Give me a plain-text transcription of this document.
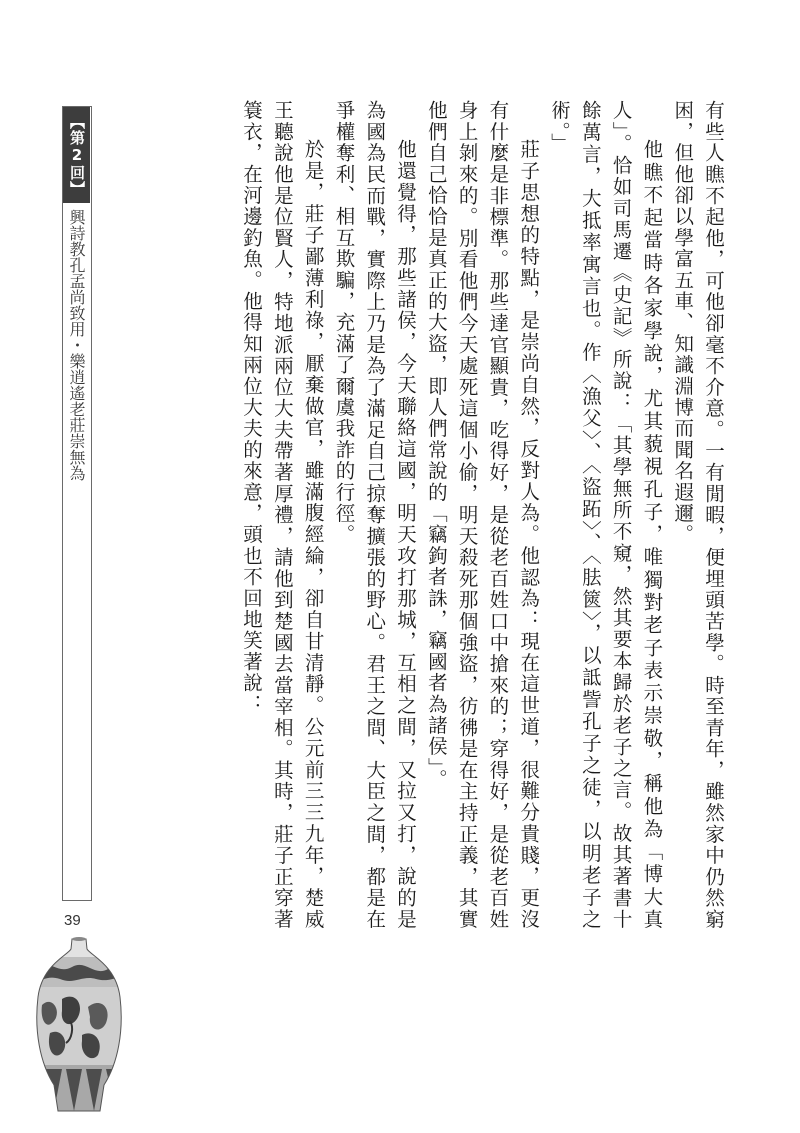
【第2回】
興詩教孔孟尚致用・樂逍遙老莊崇無為
39	有些人瞧不起他，可他卻毫不介意。一有閒暇，便埋頭苦學。時至青年，雖然家中仍然窮困，但他卻以學富五車、知識淵博而聞名遐邇。

他瞧不起當時各家學說，尤其藐視孔子，唯獨對老子表示崇敬，稱他為「博大真人」。恰如司馬遷《史記》所說：「其學無所不窺，然其要本歸於老子之言。故其著書十餘萬言，大抵率寓言也。作〈漁父〉、〈盜跖〉、〈胠篋〉，以詆訾孔子之徒，以明老子之術。」

莊子思想的特點，是崇尚自然，反對人為。他認為：現在這世道，很難分貴賤，更沒有什麼是非標準。那些達官顯貴，吃得好，是從老百姓口中搶來的；穿得好，是從老百姓身上剝來的。別看他們今天處死這個小偷，明天殺死那個強盜，彷彿是在主持正義，其實他們自己恰恰是真正的大盜，即人們常說的「竊鉤者誅，竊國者為諸侯」。

他還覺得，那些諸侯，今天聯絡這國，明天攻打那城，互相之間，又拉又打，說的是為國為民而戰，實際上乃是為了滿足自己掠奪擴張的野心。君王之間、大臣之間，都是在爭權奪利、相互欺騙，充滿了爾虞我詐的行徑。

於是，莊子鄙薄利祿，厭棄做官，雖滿腹經綸，卻自甘清靜。公元前三三九年，楚威王聽說他是位賢人，特地派兩位大夫帶著厚禮，請他到楚國去當宰相。其時，莊子正穿著簑衣，在河邊釣魚。他得知兩位大夫的來意，頭也不回地笑著說：
